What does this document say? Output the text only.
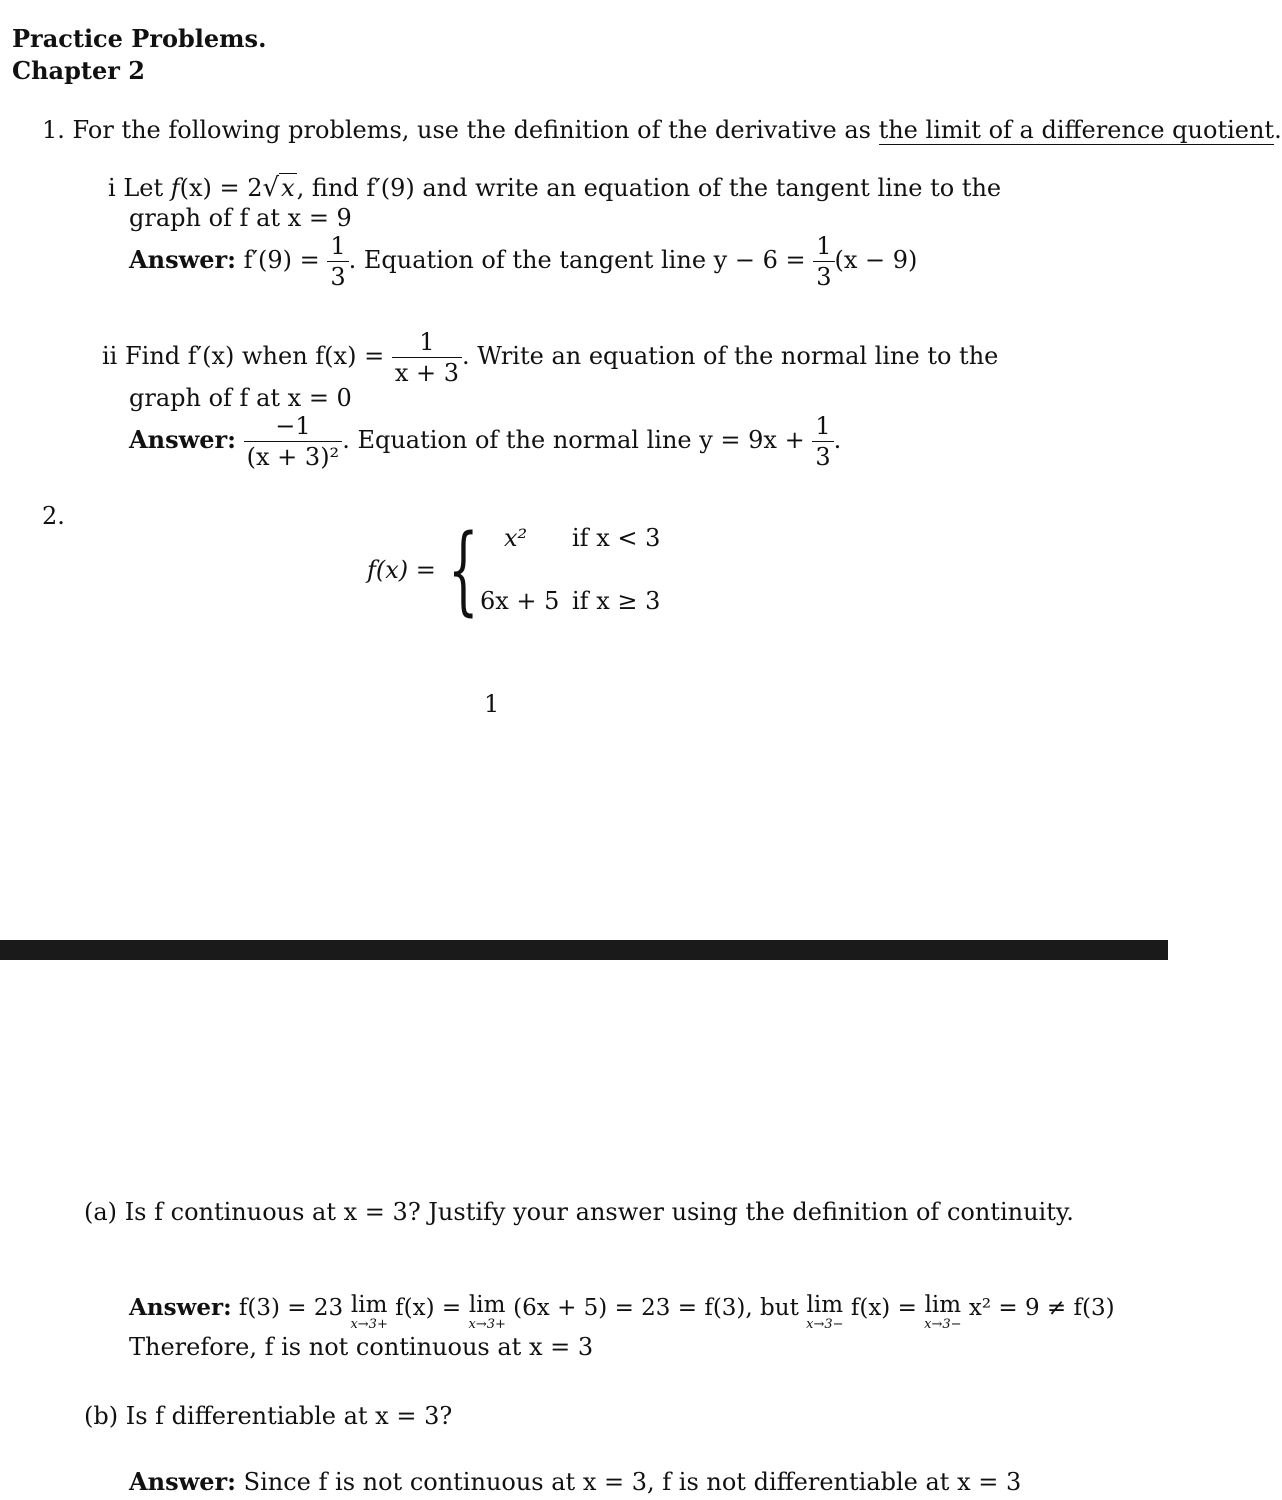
Practice Problems.
Chapter 2
1. For the following problems, use the definition of the derivative as the limit of a difference quotient.
i Let f(x) = 2√x, find f′(9) and write an equation of the tangent line to the
graph of f at x = 9
Answer: $f'(9) = \frac{1}{3}$ . Equation of the tangent line $y - 6 = \frac{1}{3} (x - 9)$
ii Find f′(x) when $f(x) = \frac{1}{x + 3}$ . Write an equation of the normal line to the
graph of f at x = 0
Answer: $\frac{-1}{\text{(x + 3)²}}$ . Equation of the normal line $y = 9x + \frac{1}{3}$ .
2.
f(x) = { x² if x < 3
6x + 5 if x ≥ 3
1
(a) Is f continuous at x = 3? Justify your answer using the definition of continuity.
Answer: f(3) = 23 lim
x→3+
f(x) = lim
x→3+
(6x + 5) = 23 = f(3), but lim
x→3−
f(x) = lim
x→3−
x² = 9 ≠ f(3)
Therefore, f is not continuous at x = 3
(b) Is f differentiable at x = 3?
Answer: Since f is not continuous at x = 3, f is not differentiable at x = 3
